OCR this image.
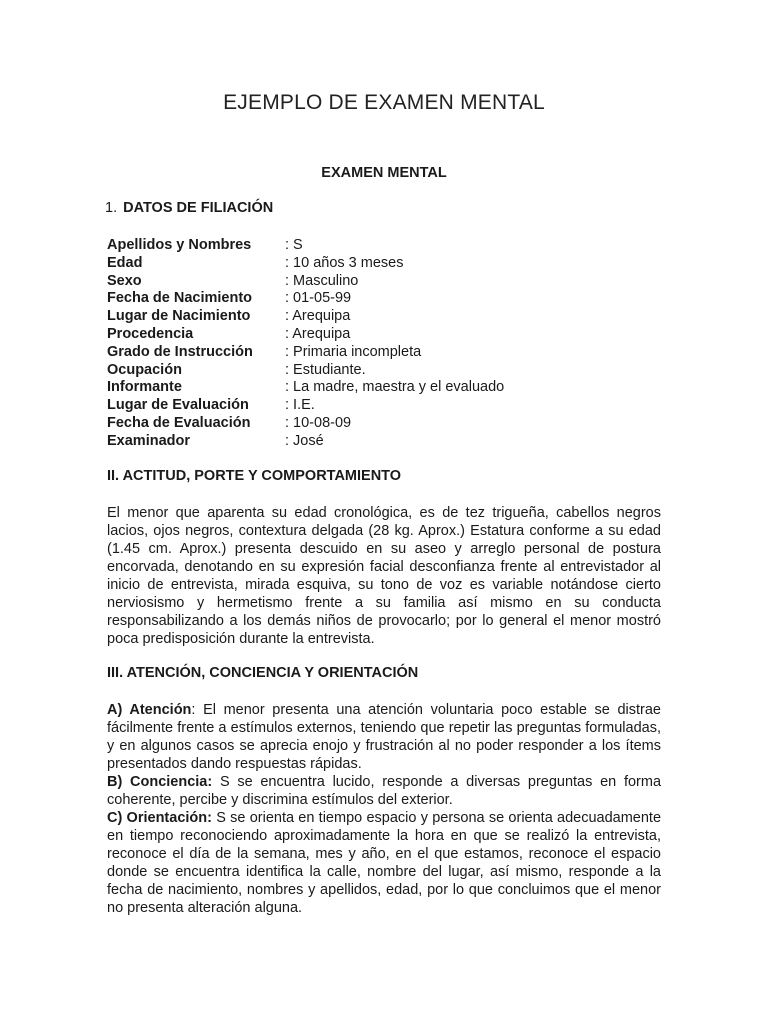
EJEMPLO DE EXAMEN MENTAL
EXAMEN MENTAL
1. DATOS DE FILIACIÓN
Apellidos y Nombres	: S
Edad	: 10 años 3 meses
Sexo	: Masculino
Fecha de Nacimiento	: 01-05-99
Lugar de Nacimiento	: Arequipa
Procedencia	: Arequipa
Grado de Instrucción	: Primaria incompleta
Ocupación	: Estudiante.
Informante	: La madre, maestra y el evaluado
Lugar de Evaluación	: I.E.
Fecha de Evaluación	: 10-08-09
Examinador	: José
II. ACTITUD, PORTE Y COMPORTAMIENTO

El menor que aparenta su edad cronológica, es de tez trigueña, cabellos negros lacios, ojos negros, contextura delgada (28 kg. Aprox.) Estatura conforme a su edad (1.45 cm. Aprox.) presenta descuido en su aseo y arreglo personal de postura encorvada, denotando en su expresión facial desconfianza frente al entrevistador al inicio de entrevista, mirada esquiva, su tono de voz es variable notándose cierto nerviosismo y hermetismo frente a su familia así mismo en su conducta responsabilizando a los demás niños de provocarlo; por lo general el menor mostró poca predisposición durante la entrevista.

III. ATENCIÓN, CONCIENCIA Y ORIENTACIÓN

A) Atención: El menor presenta una atención voluntaria poco estable se distrae fácilmente frente a estímulos externos, teniendo que repetir las preguntas formuladas, y en algunos casos se aprecia enojo y frustración al no poder responder a los ítems presentados dando respuestas rápidas.
B) Conciencia: S se encuentra lucido, responde a diversas preguntas en forma coherente, percibe y discrimina estímulos del exterior.
C) Orientación: S se orienta en tiempo espacio y persona se orienta adecuadamente en tiempo reconociendo aproximadamente la hora en que se realizó la entrevista, reconoce el día de la semana, mes y año, en el que estamos, reconoce el espacio donde se encuentra identifica la calle, nombre del lugar, así mismo, responde a la fecha de nacimiento, nombres y apellidos, edad, por lo que concluimos que el menor no presenta alteración alguna.
